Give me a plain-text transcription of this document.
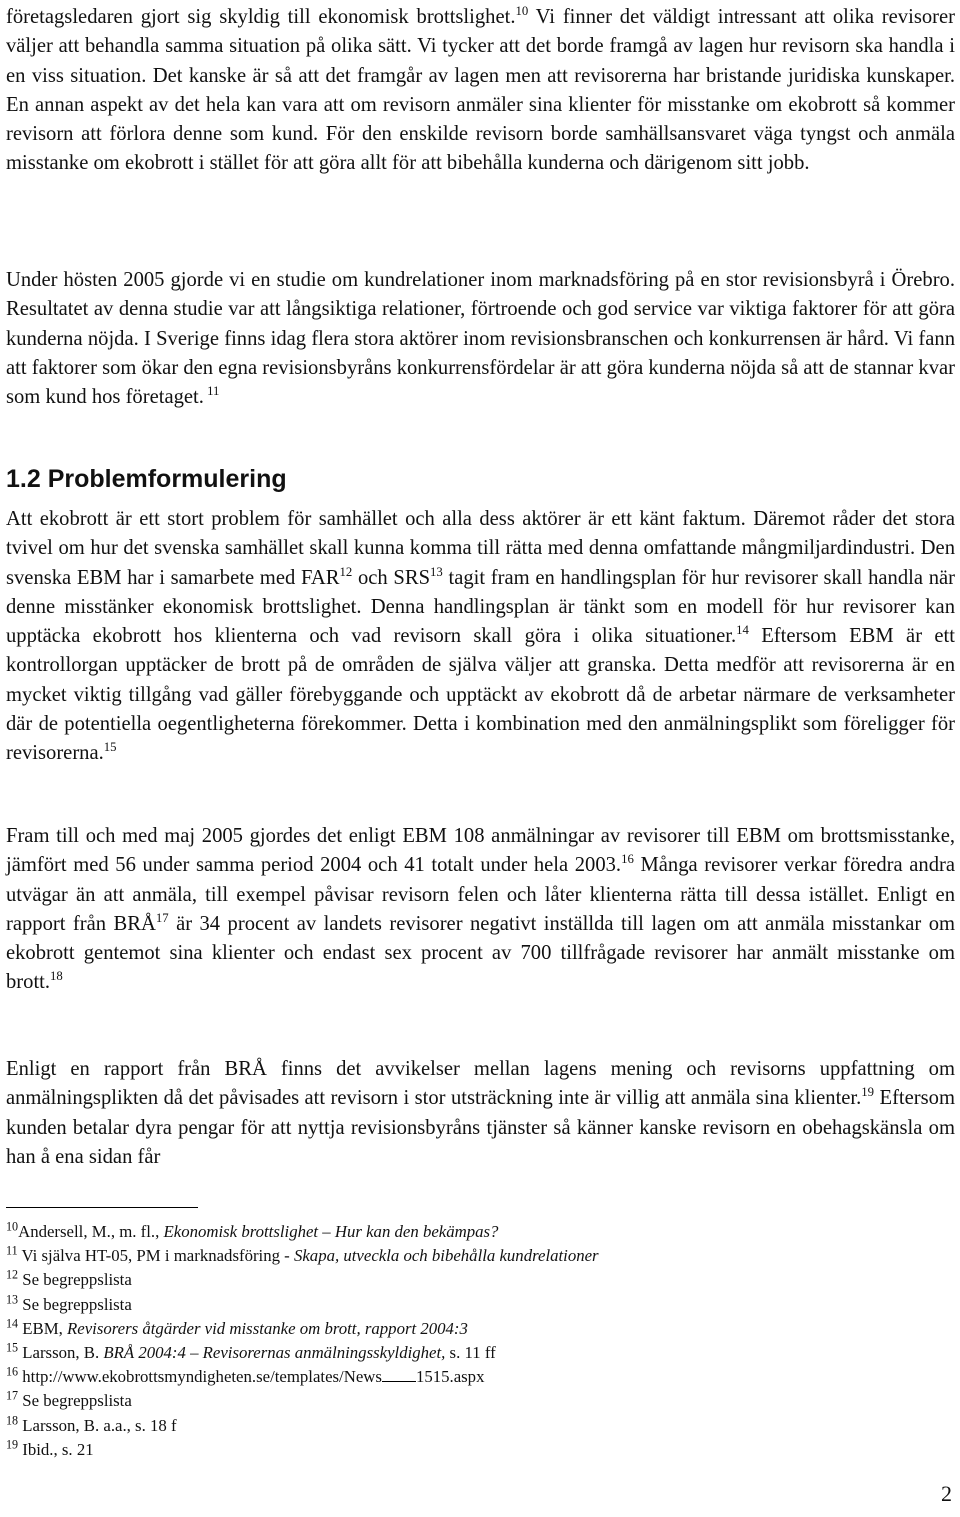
företagsledaren gjort sig skyldig till ekonomisk brottslighet.$^{10}$ Vi finner det väldigt intressant att olika revisorer väljer att behandla samma situation på olika sätt. Vi tycker att det borde framgå av lagen hur revisorn ska handla i en viss situation. Det kanske är så att det framgår av lagen men att revisorerna har bristande juridiska kunskaper. En annan aspekt av det hela kan vara att om revisorn anmäler sina klienter för misstanke om ekobrott så kommer revisorn att förlora denne som kund. För den enskilde revisorn borde samhällsansvaret väga tyngst och anmäla misstanke om ekobrott i stället för att göra allt för att bibehålla kunderna och därigenom sitt jobb.

Under hösten 2005 gjorde vi en studie om kundrelationer inom marknadsföring på en stor revisionsbyrå i Örebro. Resultatet av denna studie var att långsiktiga relationer, förtroende och god service var viktiga faktorer för att göra kunderna nöjda. I Sverige finns idag flera stora aktörer inom revisionsbranschen och konkurrensen är hård. Vi fann att faktorer som ökar den egna revisionsbyråns konkurrensfördelar är att göra kunderna nöjda så att de stannar kvar som kund hos företaget. $^{11}$

1.2 Problemformulering

Att ekobrott är ett stort problem för samhället och alla dess aktörer är ett känt faktum. Däremot råder det stora tvivel om hur det svenska samhället skall kunna komma till rätta med denna omfattande mångmiljardindustri. Den svenska EBM har i samarbete med FAR$^{12}$ och SRS$^{13}$ tagit fram en handlingsplan för hur revisorer skall handla när denne misstänker ekonomisk brottslighet. Denna handlingsplan är tänkt som en modell för hur revisorer kan upptäcka ekobrott hos klienterna och vad revisorn skall göra i olika situationer.$^{14}$ Eftersom EBM är ett kontrollorgan upptäcker de brott på de områden de själva väljer att granska. Detta medför att revisorerna är en mycket viktig tillgång vad gäller förebyggande och upptäckt av ekobrott då de arbetar närmare de verksamheter där de potentiella oegentligheterna förekommer. Detta i kombination med den anmälningsplikt som föreligger för revisorerna.$^{15}$

Fram till och med maj 2005 gjordes det enligt EBM 108 anmälningar av revisorer till EBM om brottsmisstanke, jämfört med 56 under samma period 2004 och 41 totalt under hela 2003.16 Många revisorer verkar föredra andra utvägar än att anmäla, till exempel påvisar revisorn felen och låter klienterna rätta till dessa istället. Enligt en rapport från BRÅ$^{17}$ är 34 procent av landets revisorer negativt inställda till lagen om att anmäla misstankar om ekobrott gentemot sina klienter och endast sex procent av 700 tillfrågade revisorer har anmält misstanke om brott.$^{18}$

Enligt en rapport från BRÅ finns det avvikelser mellan lagens mening och revisorns uppfattning om anmälningsplikten då det påvisades att revisorn i stor utsträckning inte är villig att anmäla sina klienter.$^{19}$ Eftersom kunden betalar dyra pengar för att nyttja revisionsbyråns tjänster så känner kanske revisorn en obehagskänsla om han å ena sidan får

$^{10}$Andersell, M., m. fl., Ekonomisk brottslighet – Hur kan den bekämpas?

$^{11}$ Vi själva HT-05, PM i marknadsföring - Skapa, utveckla och bibehålla kundrelationer

$^{12}$ Se begreppslista

$^{13}$ Se begreppslista

$^{14}$ EBM, Revisorers åtgärder vid misstanke om brott, rapport 2004:3

$^{15}$ Larsson, B. BRÅ 2004:4 – Revisorernas anmälningsskyldighet, s. 11 ff

$^{16}$ http://www.ekobrottsmyndigheten.se/templates/News 1515.aspx

$^{17}$ Se begreppslista

$^{18}$ Larsson, B. a.a., s. 18 f

$^{19}$ Ibid., s. 21

2
